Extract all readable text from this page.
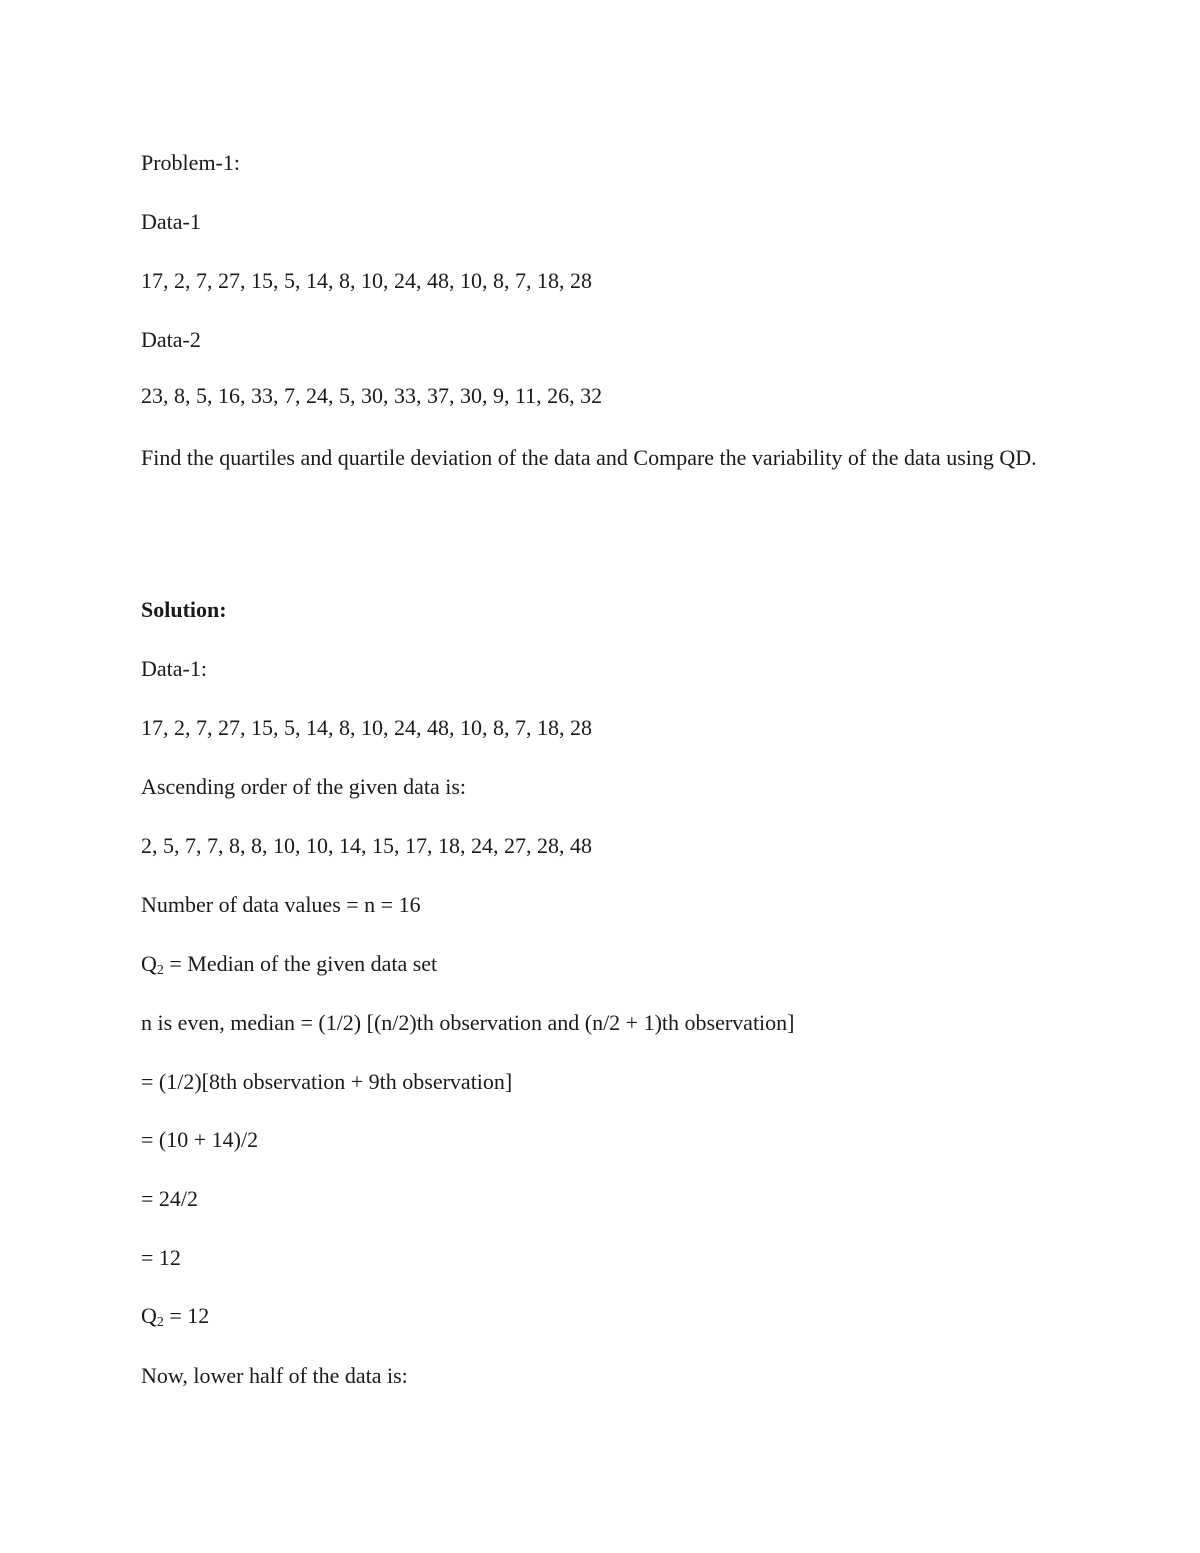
Problem-1:
Data-1
17, 2, 7, 27, 15, 5, 14, 8, 10, 24, 48, 10, 8, 7, 18, 28
Data-2
23, 8, 5, 16, 33, 7, 24, 5, 30, 33, 37, 30, 9, 11, 26, 32
Find the quartiles and quartile deviation of the data and Compare the variability of the data using QD.
Solution:
Data-1:
17, 2, 7, 27, 15, 5, 14, 8, 10, 24, 48, 10, 8, 7, 18, 28
Ascending order of the given data is:
2, 5, 7, 7, 8, 8, 10, 10, 14, 15, 17, 18, 24, 27, 28, 48
Number of data values = n = 16
$Q_2$ = Median of the given data set
n is even, median = (1/2) [(n/2)th observation and (n/2 + 1)th observation]
= (1/2)[8th observation + 9th observation]
= (10 + 14)/2
= 24/2
= 12
$Q_2 = 12$
Now, lower half of the data is:
